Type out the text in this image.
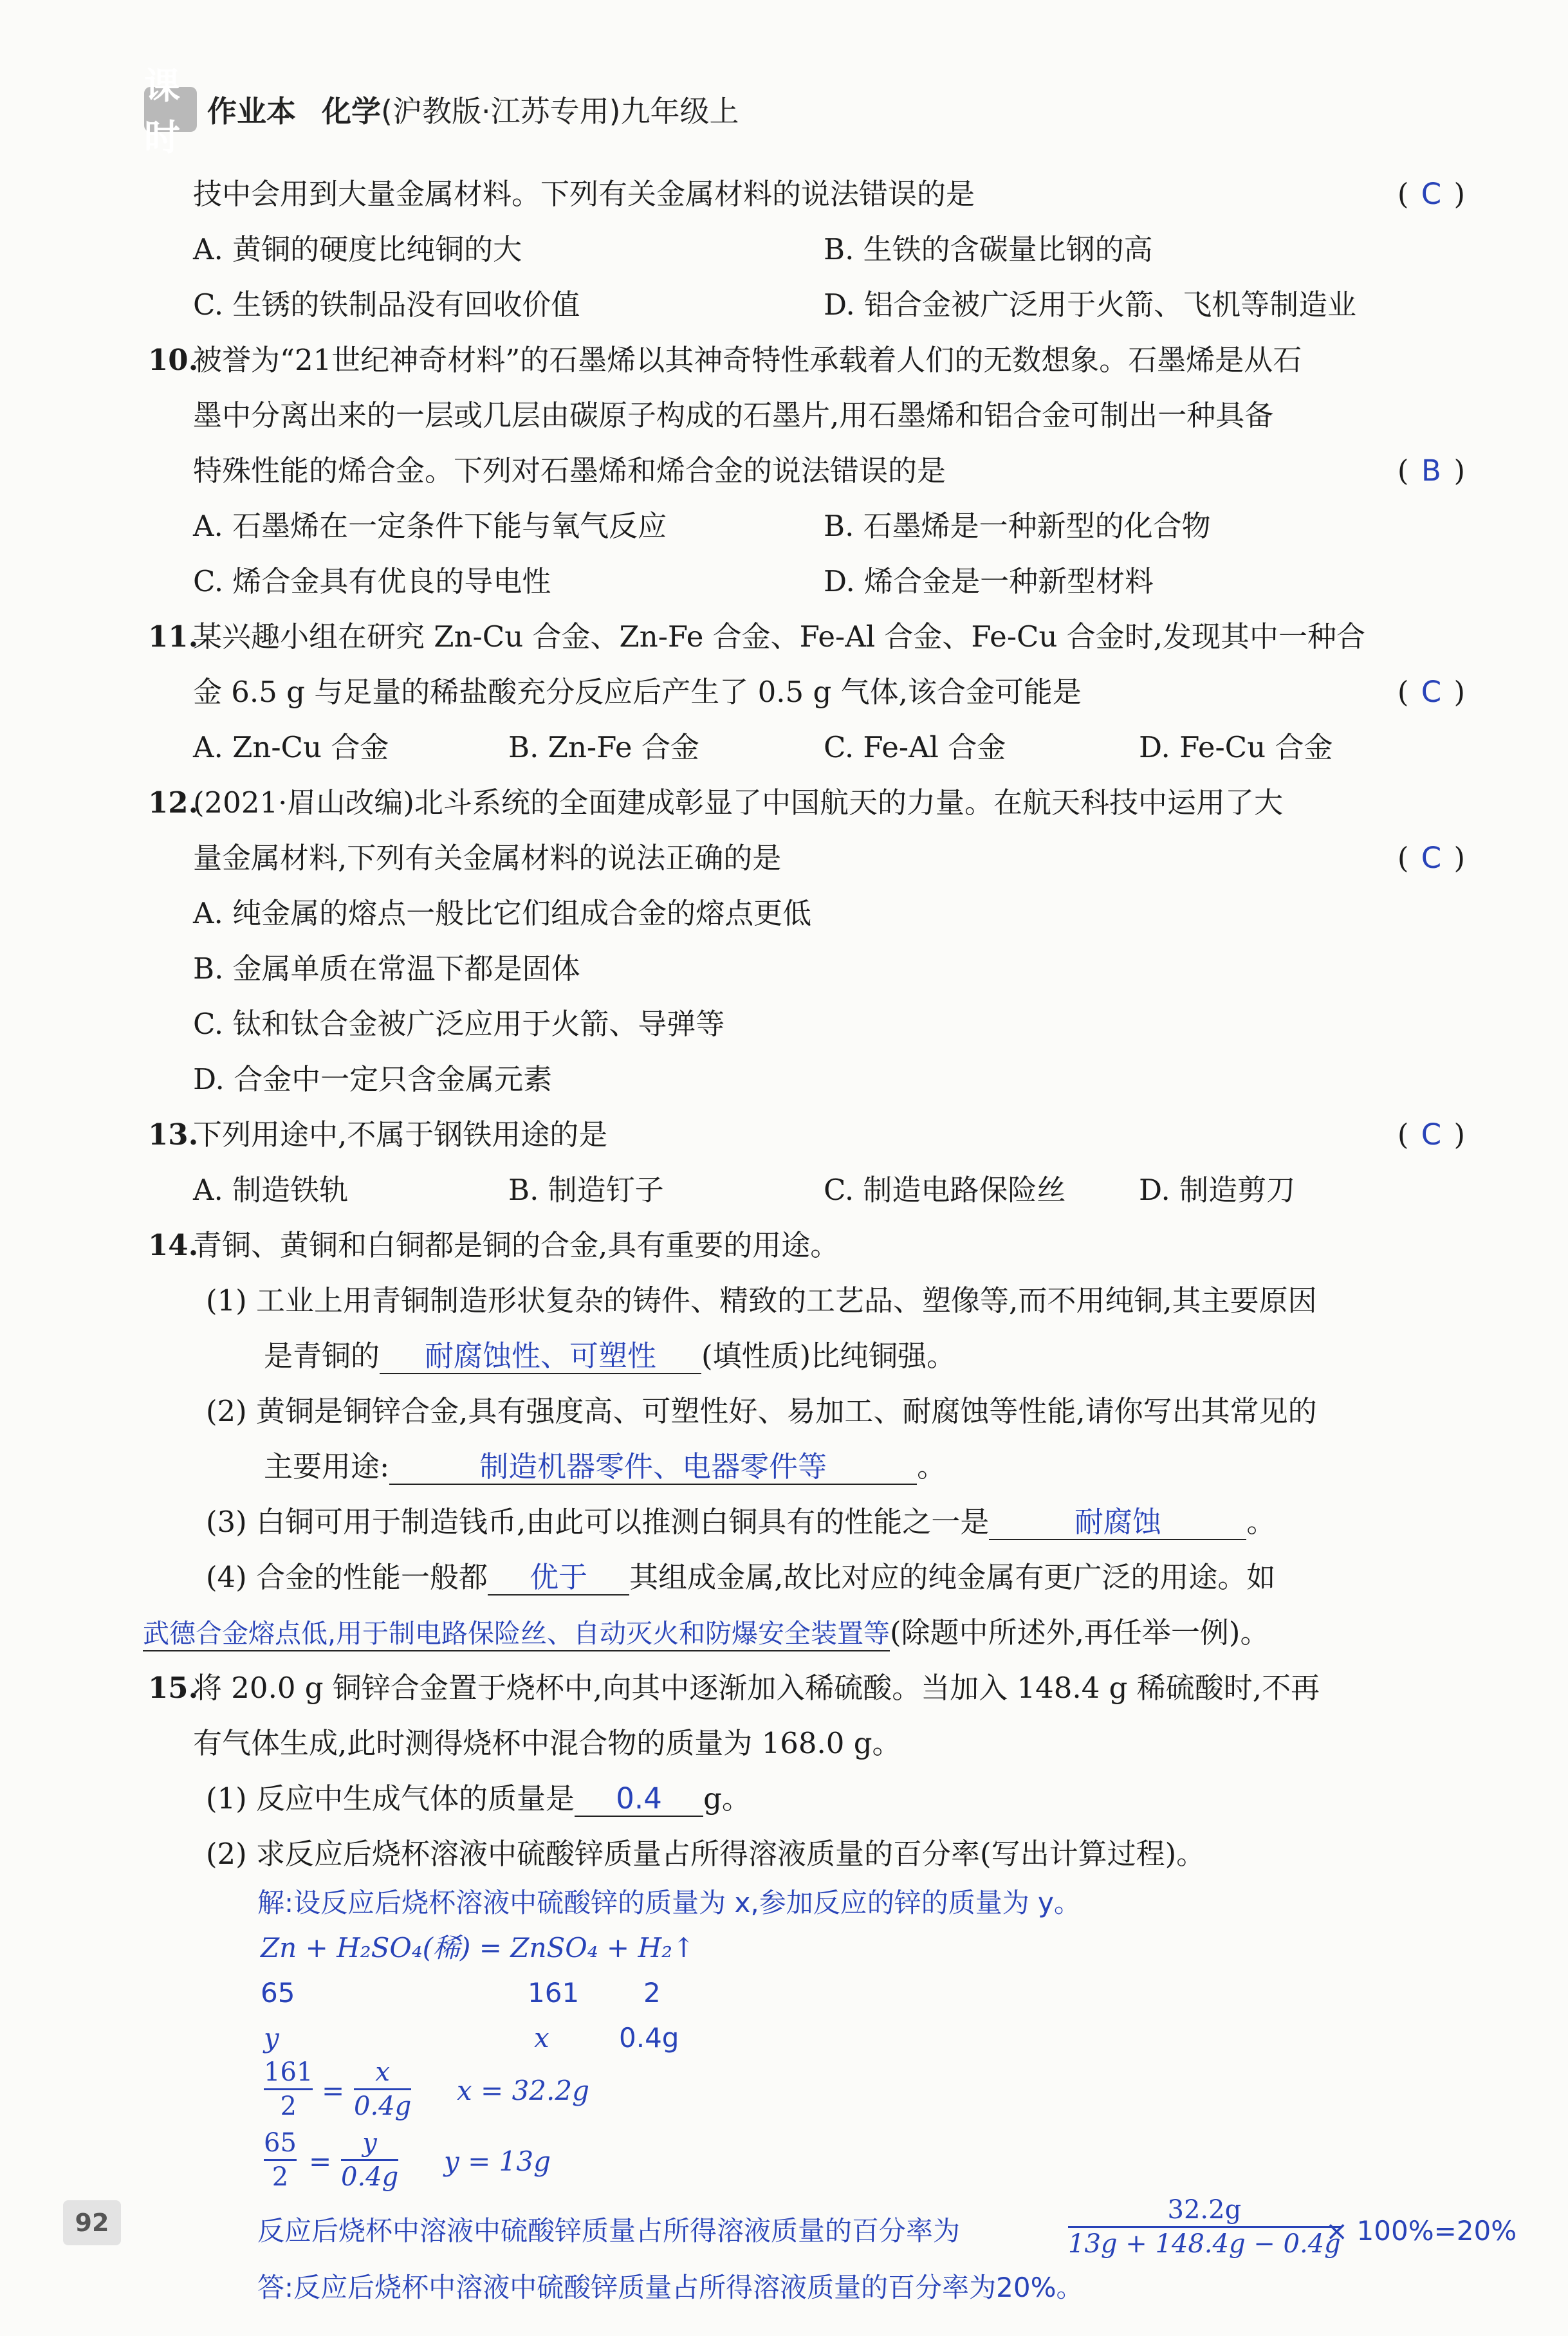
课时
作业本 化学(沪教版·江苏专用)九年级上
技中会用到大量金属材料。下列有关金属材料的说法错误的是	( C )
A. 黄铜的硬度比纯铜的大	B. 生铁的含碳量比钢的高
C. 生锈的铁制品没有回收价值	D. 铝合金被广泛用于火箭、飞机等制造业
10.被誉为“21世纪神奇材料”的石墨烯以其神奇特性承载着人们的无数想象。石墨烯是从石
墨中分离出来的一层或几层由碳原子构成的石墨片,用石墨烯和铝合金可制出一种具备
特殊性能的烯合金。下列对石墨烯和烯合金的说法错误的是	( B )
A. 石墨烯在一定条件下能与氧气反应	B. 石墨烯是一种新型的化合物
C. 烯合金具有优良的导电性	D. 烯合金是一种新型材料
11.某兴趣小组在研究 Zn-Cu 合金、Zn-Fe 合金、Fe-Al 合金、Fe-Cu 合金时,发现其中一种合
金 6.5 g 与足量的稀盐酸充分反应后产生了 0.5 g 气体,该合金可能是	( C )
A. Zn-Cu 合金	B. Zn-Fe 合金	C. Fe-Al 合金	D. Fe-Cu 合金
12.(2021·眉山改编)北斗系统的全面建成彰显了中国航天的力量。在航天科技中运用了大
量金属材料,下列有关金属材料的说法正确的是	( C )
A. 纯金属的熔点一般比它们组成合金的熔点更低
B. 金属单质在常温下都是固体
C. 钛和钛合金被广泛应用于火箭、导弹等
D. 合金中一定只含金属元素
13.下列用途中,不属于钢铁用途的是	( C )
A. 制造铁轨	B. 制造钉子	C. 制造电路保险丝	D. 制造剪刀
14.青铜、黄铜和白铜都是铜的合金,具有重要的用途。
(1) 工业上用青铜制造形状复杂的铸件、精致的工艺品、塑像等,而不用纯铜,其主要原因
是青铜的 耐腐蚀性、可塑性 (填性质)比纯铜强。
(2) 黄铜是铜锌合金,具有强度高、可塑性好、易加工、耐腐蚀等性能,请你写出其常见的
主要用途:	制造机器零件、电器零件等	。
(3) 白铜可用于制造钱币,由此可以推测白铜具有的性能之一是	耐腐蚀	。
(4) 合金的性能一般都 优于 其组成金属,故比对应的纯金属有更广泛的用途。如
武德合金熔点低,用于制电路保险丝、自动灭火和防爆安全装置等(除题中所述外,再任举一例)。
15.将 20.0 g 铜锌合金置于烧杯中,向其中逐渐加入稀硫酸。当加入 148.4 g 稀硫酸时,不再
有气体生成,此时测得烧杯中混合物的质量为 168.0 g。
(1) 反应中生成气体的质量是 0.4 g。
(2) 求反应后烧杯溶液中硫酸锌质量占所得溶液质量的百分率(写出计算过程)。
解:设反应后烧杯溶液中硫酸锌的质量为 x,参加反应的锌的质量为 y。
Zn + H₂SO₄(稀) = ZnSO₄ + H₂↑
65	161 2
y	x	0.4g
161
2 =
x
0.4g x = 32.2g
65
2 =
y
0.4g y = 13g
反应后烧杯中溶液中硫酸锌质量占所得溶液质量的百分率为
32.2g
13g + 148.4g − 0.4g
× 100%=20%
答:反应后烧杯中溶液中硫酸锌质量占所得溶液质量的百分率为20%。
92
